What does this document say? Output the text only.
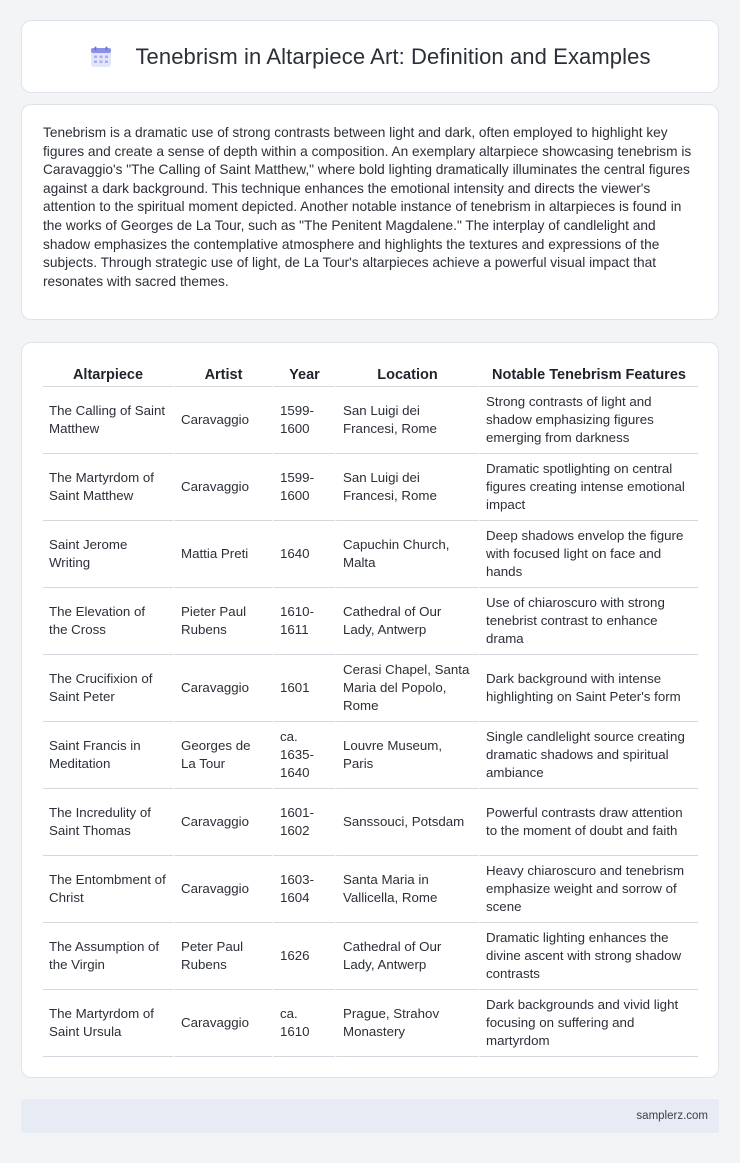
Tenebrism in Altarpiece Art: Definition and Examples

Tenebrism is a dramatic use of strong contrasts between light and dark, often employed to highlight key figures and create a sense of depth within a composition. An exemplary altarpiece showcasing tenebrism is Caravaggio's "The Calling of Saint Matthew," where bold lighting dramatically illuminates the central figures against a dark background. This technique enhances the emotional intensity and directs the viewer's attention to the spiritual moment depicted. Another notable instance of tenebrism in altarpieces is found in the works of Georges de La Tour, such as "The Penitent Magdalene." The interplay of candlelight and shadow emphasizes the contemplative atmosphere and highlights the textures and expressions of the subjects. Through strategic use of light, de La Tour's altarpieces achieve a powerful visual impact that resonates with sacred themes.

Altarpiece	Artist	Year	Location	Notable Tenebrism Features
The Calling of Saint Matthew	Caravaggio	1599-1600	San Luigi dei Francesi, Rome	Strong contrasts of light and shadow emphasizing figures emerging from darkness
The Martyrdom of Saint Matthew	Caravaggio	1599-1600	San Luigi dei Francesi, Rome	Dramatic spotlighting on central figures creating intense emotional impact
Saint Jerome Writing	Mattia Preti	1640	Capuchin Church, Malta	Deep shadows envelop the figure with focused light on face and hands
The Elevation of the Cross	Pieter Paul Rubens	1610-1611	Cathedral of Our Lady, Antwerp	Use of chiaroscuro with strong tenebrist contrast to enhance drama
The Crucifixion of Saint Peter	Caravaggio	1601	Cerasi Chapel, Santa Maria del Popolo, Rome	Dark background with intense highlighting on Saint Peter's form
Saint Francis in Meditation	Georges de La Tour	ca. 1635-1640	Louvre Museum, Paris	Single candlelight source creating dramatic shadows and spiritual ambiance
The Incredulity of Saint Thomas	Caravaggio	1601-1602	Sanssouci, Potsdam	Powerful contrasts draw attention to the moment of doubt and faith
The Entombment of Christ	Caravaggio	1603-1604	Santa Maria in Vallicella, Rome	Heavy chiaroscuro and tenebrism emphasize weight and sorrow of scene
The Assumption of the Virgin	Peter Paul Rubens	1626	Cathedral of Our Lady, Antwerp	Dramatic lighting enhances the divine ascent with strong shadow contrasts
The Martyrdom of Saint Ursula	Caravaggio	ca. 1610	Prague, Strahov Monastery	Dark backgrounds and vivid light focusing on suffering and martyrdom
samplerz.com
